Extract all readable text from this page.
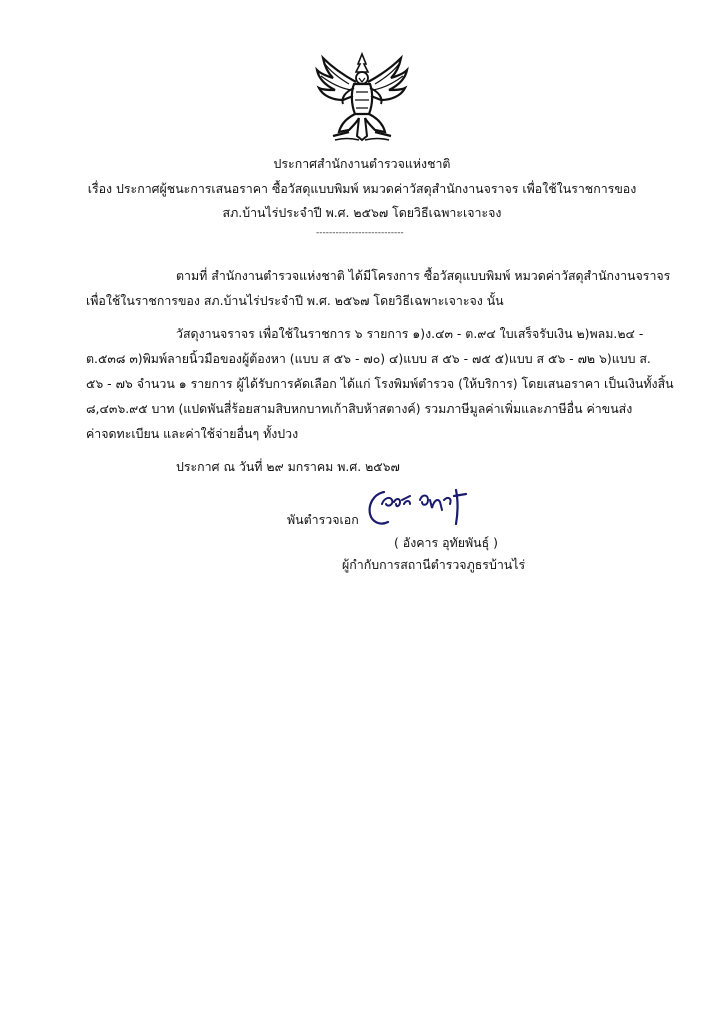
ประกาศสำนักงานตำรวจแห่งชาติ
เรื่อง ประกาศผู้ชนะการเสนอราคา ซื้อวัสดุแบบพิมพ์ หมวดค่าวัสดุสำนักงานจราจร เพื่อใช้ในราชการของ
สภ.บ้านไร่ประจำปี พ.ศ. ๒๕๖๗ โดยวิธีเฉพาะเจาะจง
---------------------------
ตามที่ สำนักงานตำรวจแห่งชาติ ได้มีโครงการ ซื้อวัสดุแบบพิมพ์ หมวดค่าวัสดุสำนักงานจราจร
เพื่อใช้ในราชการของ สภ.บ้านไร่ประจำปี พ.ศ. ๒๕๖๗ โดยวิธีเฉพาะเจาะจง นั้น
วัสดุงานจราจร เพื่อใช้ในราชการ ๖ รายการ ๑)ง.๔๓ - ต.๙๔ ใบเสร็จรับเงิน ๒)พลม.๒๔ -
ต.๕๓๘ ๓)พิมพ์ลายนิ้วมือของผู้ต้องหา (แบบ ส ๕๖ - ๗๐) ๔)แบบ ส ๕๖ - ๗๕ ๕)แบบ ส ๕๖ - ๗๒ ๖)แบบ ส.
๕๖ - ๗๖ จำนวน ๑ รายการ ผู้ได้รับการคัดเลือก ได้แก่ โรงพิมพ์ตำรวจ (ให้บริการ) โดยเสนอราคา เป็นเงินทั้งสิ้น
๘,๔๓๖.๙๕ บาท (แปดพันสี่ร้อยสามสิบหกบาทเก้าสิบห้าสตางค์) รวมภาษีมูลค่าเพิ่มและภาษีอื่น ค่าขนส่ง
ค่าจดทะเบียน และค่าใช้จ่ายอื่นๆ ทั้งปวง
ประกาศ ณ วันที่ ๒๙ มกราคม พ.ศ. ๒๕๖๗
พันตำรวจเอก
( อังคาร อุทัยพันธุ์ )
ผู้กำกับการสถานีตำรวจภูธรบ้านไร่
